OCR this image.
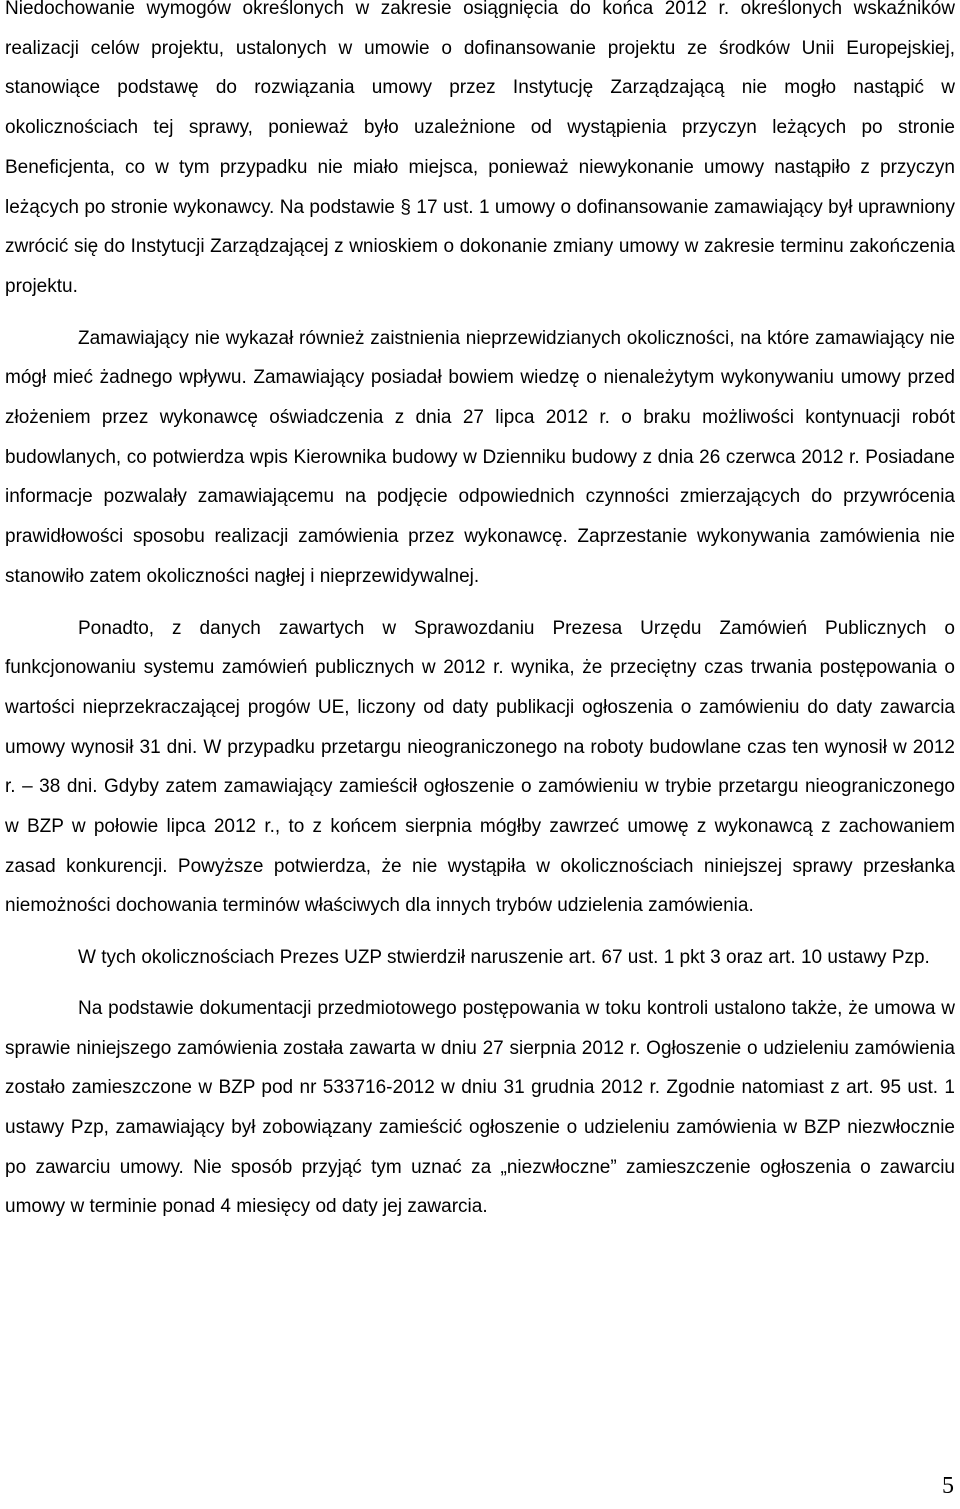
Niedochowanie wymogów określonych w zakresie osiągnięcia do końca 2012 r. określonych wskaźników realizacji celów projektu, ustalonych w umowie o dofinansowanie projektu ze środków Unii Europejskiej, stanowiące podstawę do rozwiązania umowy przez Instytucję Zarządzającą nie mogło nastąpić w okolicznościach tej sprawy, ponieważ było uzależnione od wystąpienia przyczyn leżących po stronie Beneficjenta, co w tym przypadku nie miało miejsca, ponieważ niewykonanie umowy nastąpiło z przyczyn leżących po stronie wykonawcy. Na podstawie § 17 ust. 1 umowy o dofinansowanie zamawiający był uprawniony zwrócić się do Instytucji Zarządzającej z wnioskiem o dokonanie zmiany umowy w zakresie terminu zakończenia projektu.

Zamawiający nie wykazał również zaistnienia nieprzewidzianych okoliczności, na które zamawiający nie mógł mieć żadnego wpływu. Zamawiający posiadał bowiem wiedzę o nienależytym wykonywaniu umowy przed złożeniem przez wykonawcę oświadczenia z dnia 27 lipca 2012 r. o braku możliwości kontynuacji robót budowlanych, co potwierdza wpis Kierownika budowy w Dzienniku budowy z dnia 26 czerwca 2012 r. Posiadane informacje pozwalały zamawiającemu na podjęcie odpowiednich czynności zmierzających do przywrócenia prawidłowości sposobu realizacji zamówienia przez wykonawcę. Zaprzestanie wykonywania zamówienia nie stanowiło zatem okoliczności nagłej i nieprzewidywalnej.

Ponadto, z danych zawartych w Sprawozdaniu Prezesa Urzędu Zamówień Publicznych o funkcjonowaniu systemu zamówień publicznych w 2012 r. wynika, że przeciętny czas trwania postępowania o wartości nieprzekraczającej progów UE, liczony od daty publikacji ogłoszenia o zamówieniu do daty zawarcia umowy wynosił 31 dni. W przypadku przetargu nieograniczonego na roboty budowlane czas ten wynosił w 2012 r. – 38 dni. Gdyby zatem zamawiający zamieścił ogłoszenie o zamówieniu w trybie przetargu nieograniczonego w BZP w połowie lipca 2012 r., to z końcem sierpnia mógłby zawrzeć umowę z wykonawcą z zachowaniem zasad konkurencji. Powyższe potwierdza, że nie wystąpiła w okolicznościach niniejszej sprawy przesłanka niemożności dochowania terminów właściwych dla innych trybów udzielenia zamówienia.

W tych okolicznościach Prezes UZP stwierdził naruszenie art. 67 ust. 1 pkt 3 oraz art. 10 ustawy Pzp.

Na podstawie dokumentacji przedmiotowego postępowania w toku kontroli ustalono także, że umowa w sprawie niniejszego zamówienia została zawarta w dniu 27 sierpnia 2012 r. Ogłoszenie o udzieleniu zamówienia zostało zamieszczone w BZP pod nr 533716-2012 w dniu 31 grudnia 2012 r. Zgodnie natomiast z art. 95 ust. 1 ustawy Pzp, zamawiający był zobowiązany zamieścić ogłoszenie o udzieleniu zamówienia w BZP niezwłocznie po zawarciu umowy. Nie sposób przyjąć tym uznać za „niezwłoczne” zamieszczenie ogłoszenia o zawarciu umowy w terminie ponad 4 miesięcy od daty jej zawarcia.

5
